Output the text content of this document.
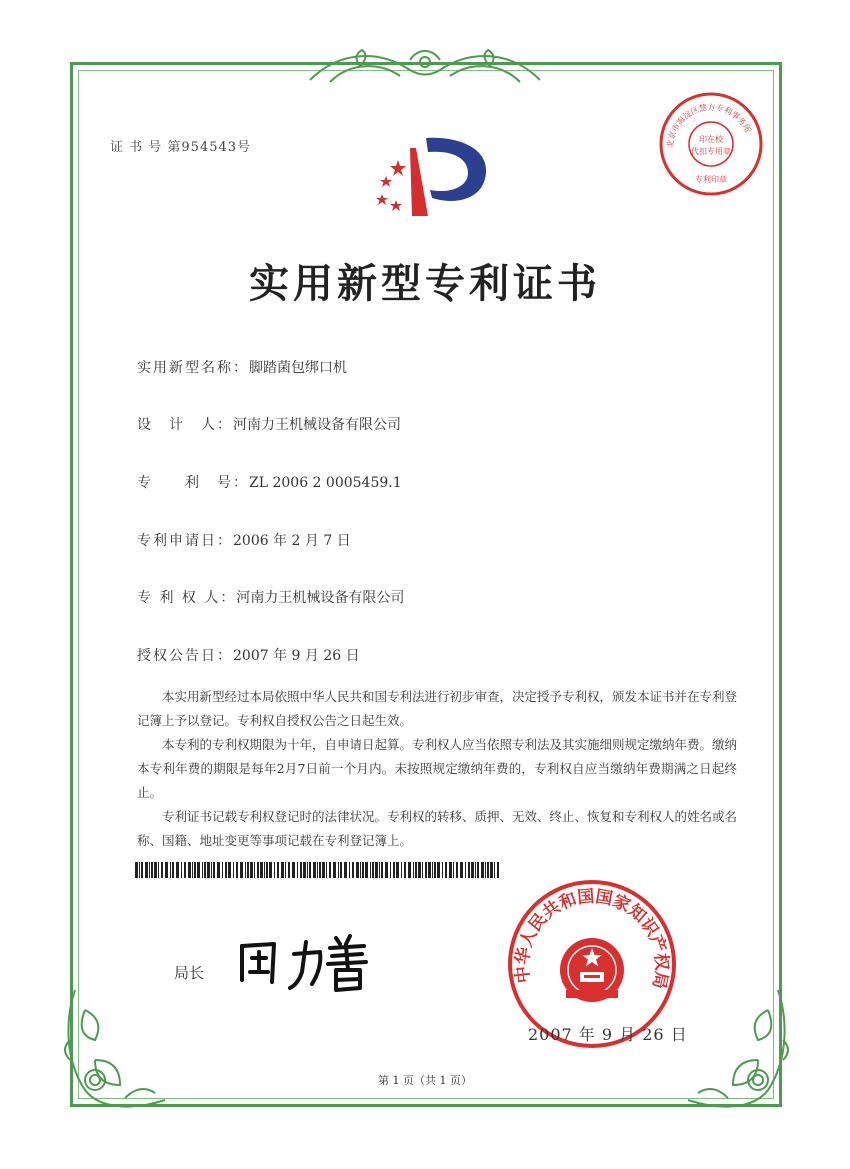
证 书 号 第954543号	北京市海淀区慧方专利事务所
印在校
代扣专用章
专利印章
实用新型专利证书
实用新型名称：脚踏菌包绑口机
设　计　人：河南力王机械设备有限公司
专　　利　号：ZL 2006 2 0005459.1
专利申请日：2006 年 2 月 7 日
专 利 权 人：河南力王机械设备有限公司
授权公告日：2007 年 9 月 26 日

本实用新型经过本局依照中华人民共和国专利法进行初步审查，决定授予专利权，颁发本证书并在专利登记簿上予以登记。专利权自授权公告之日起生效。

本专利的专利权期限为十年，自申请日起算。专利权人应当依照专利法及其实施细则规定缴纳年费。缴纳本专利年费的期限是每年2月7日前一个月内。未按照规定缴纳年费的，专利权自应当缴纳年费期满之日起终止。

专利证书记载专利权登记时的法律状况。专利权的转移、质押、无效、终止、恢复和专利权人的姓名或名称、国籍、地址变更等事项记载在专利登记簿上。

中华人民共和国国家知识产权局
局长
2007 年 9 月 26 日
第 1 页（共 1 页）
